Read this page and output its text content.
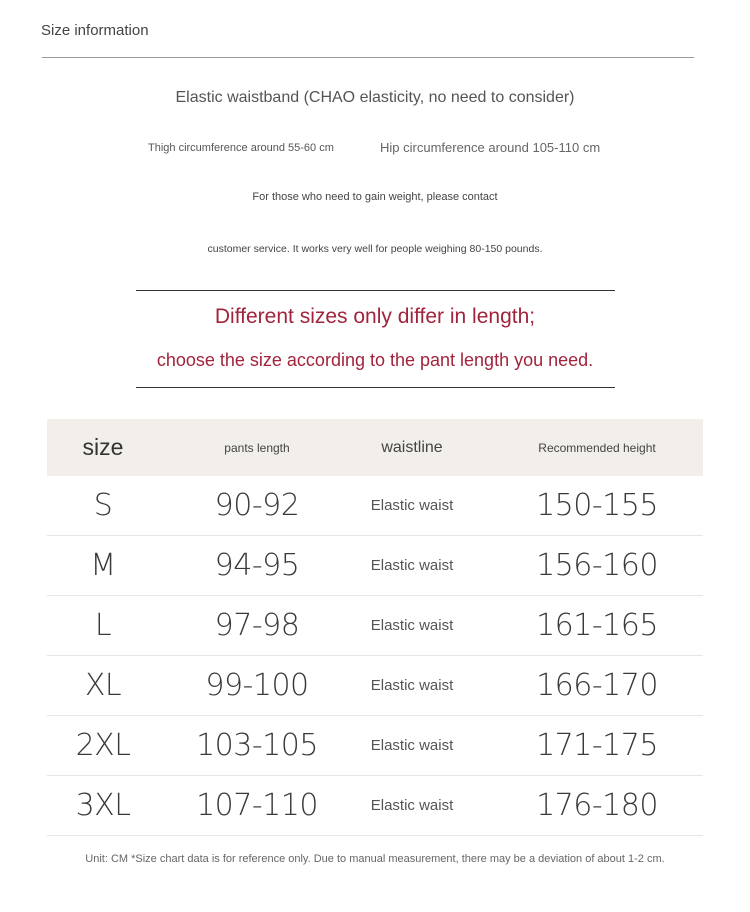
Size information
Elastic waistband (CHAO elasticity, no need to consider)
Thigh circumference around 55-60 cm	Hip circumference around 105-110 cm
For those who need to gain weight, please contact
customer service. It works very well for people weighing 80-150 pounds.
Different sizes only differ in length;
choose the size according to the pant length you need.
size	pants length	waistline	Recommended height
S	90-92	Elastic waist	150-155
M	94-95	Elastic waist	156-160
L	97-98	Elastic waist	161-165
XL	99-100	Elastic waist	166-170
2XL	103-105	Elastic waist	171-175
3XL	107-110	Elastic waist	176-180
Unit: CM *Size chart data is for reference only. Due to manual measurement, there may be a deviation of about 1-2 cm.
